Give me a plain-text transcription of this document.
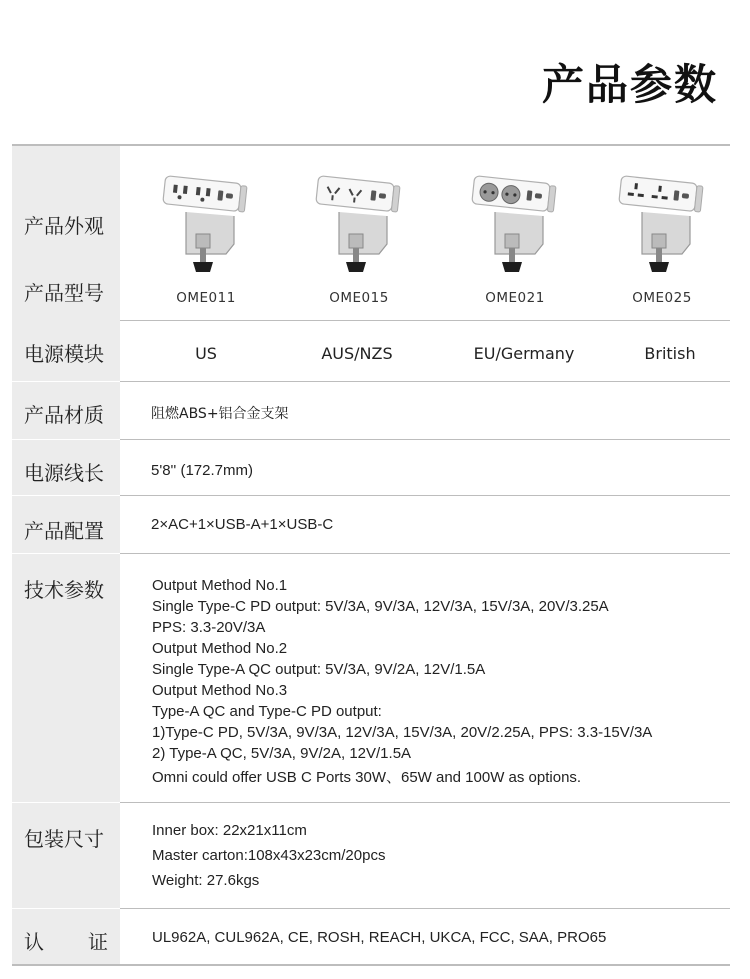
产品参数
产品外观
产品型号	OME011	OME015	OME021	OME025
电源模块	US	AUS/NZS	EU/Germany	British
产品材质	阻燃ABS+铝合金支架
电源线长	5'8'' (172.7mm)
产品配置	2×AC+1×USB-A+1×USB-C
技术参数	Output Method No.1
Single Type-C PD output: 5V/3A, 9V/3A, 12V/3A, 15V/3A, 20V/3.25A
PPS: 3.3-20V/3A
Output Method No.2
Single Type-A QC output: 5V/3A, 9V/2A, 12V/1.5A
Output Method No.3
Type-A QC and Type-C PD output:
1)Type-C PD, 5V/3A, 9V/3A, 12V/3A, 15V/3A, 20V/2.25A, PPS: 3.3-15V/3A
2) Type-A QC, 5V/3A, 9V/2A, 12V/1.5A
Omni could offer USB C Ports 30W、65W and 100W as options.
包装尺寸	Inner box: 22x21x11cm
Master carton:108x43x23cm/20pcs
Weight: 27.6kgs
认 证	UL962A, CUL962A, CE, ROSH, REACH, UKCA, FCC, SAA, PRO65
